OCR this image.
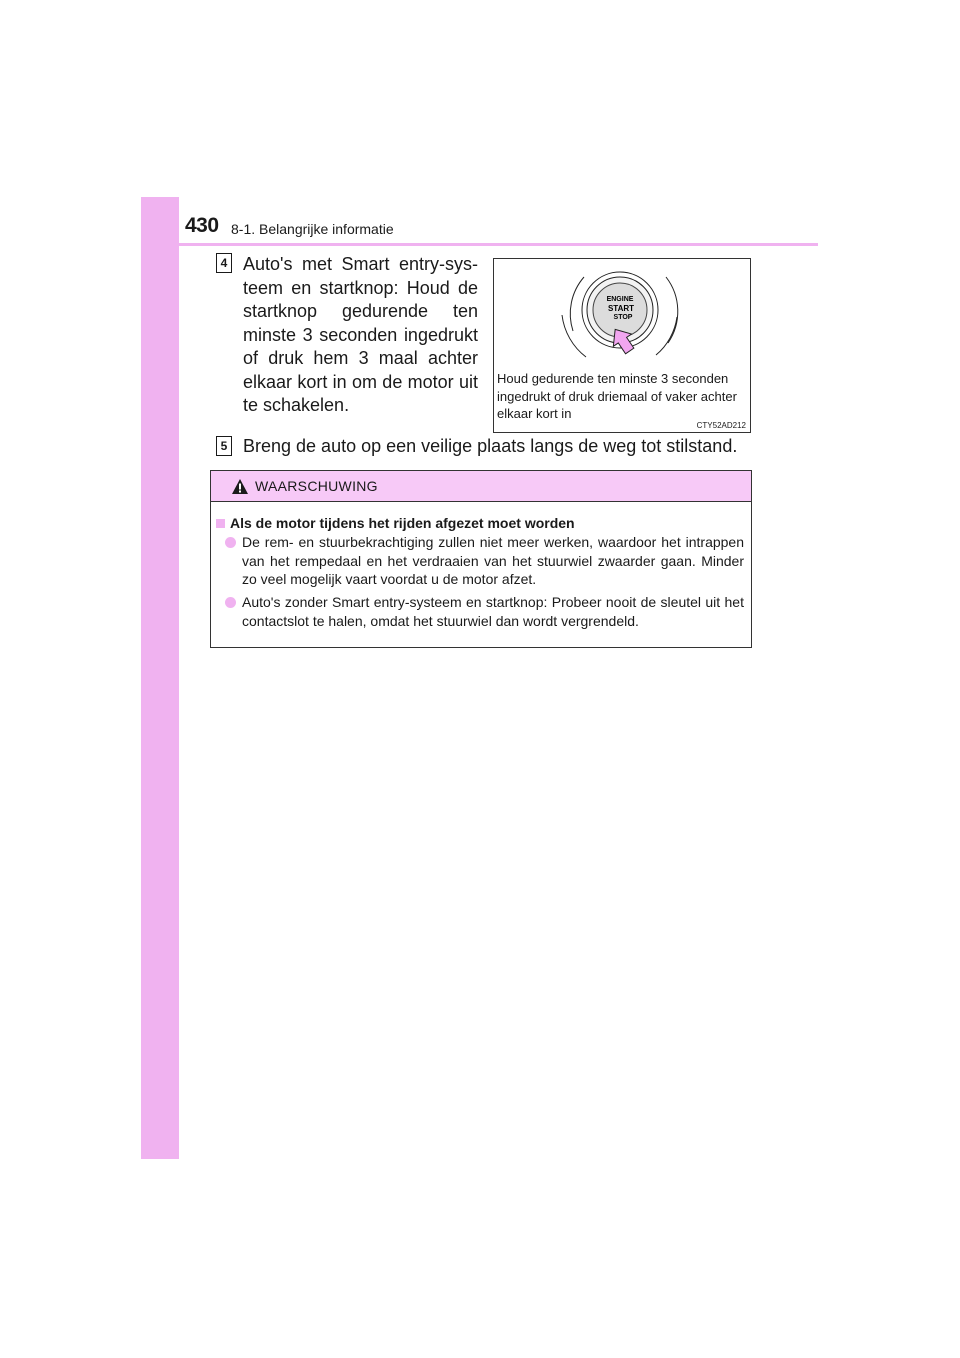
430 8-1. Belangrijke informatie
4 Auto's met Smart entry-sys-teem en startknop: Houd de startknop gedurende ten minste 3 seconden ingedrukt of druk hem 3 maal achter elkaar kort in om de motor uit te schakelen.
ENGINE
START
STOP
Houd gedurende ten minste 3 seconden ingedrukt of druk driemaal of vaker achter elkaar kort in
CTY52AD212
5 Breng de auto op een veilige plaats langs de weg tot stilstand.
WAARSCHUWING
Als de motor tijdens het rijden afgezet moet worden
De rem- en stuurbekrachtiging zullen niet meer werken, waardoor het intrappen van het rempedaal en het verdraaien van het stuurwiel zwaarder gaan. Minder zo veel mogelijk vaart voordat u de motor afzet.
Auto's zonder Smart entry-systeem en startknop: Probeer nooit de sleutel uit het contactslot te halen, omdat het stuurwiel dan wordt vergrendeld.
